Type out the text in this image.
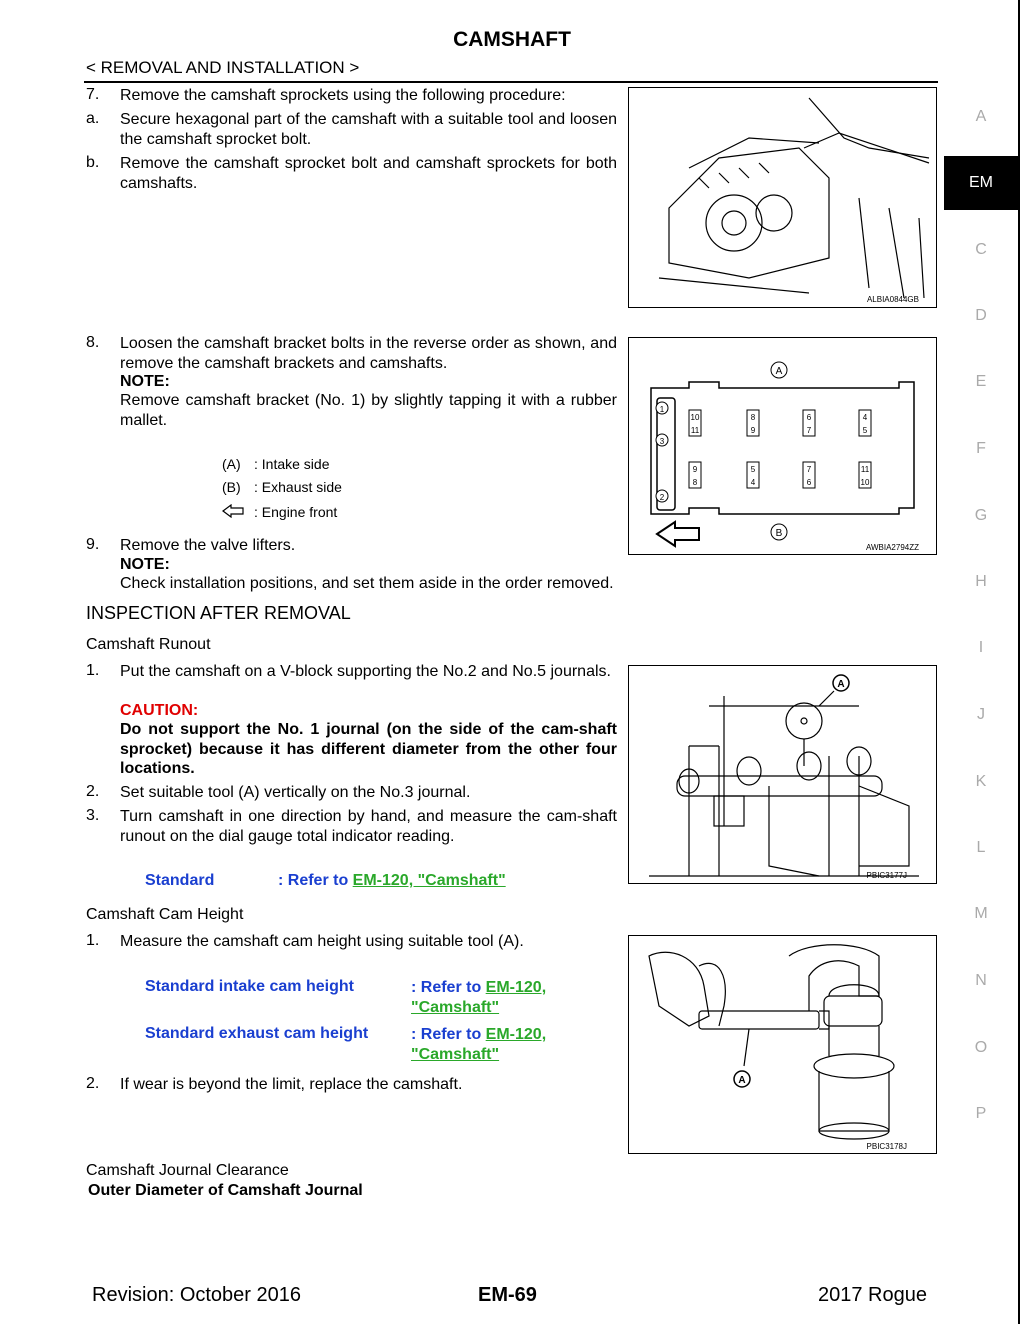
CAMSHAFT
< REMOVAL AND INSTALLATION >
7. Remove the camshaft sprockets using the following procedure:
a. Secure hexagonal part of the camshaft with a suitable tool and loosen the camshaft sprocket bolt.
b. Remove the camshaft sprocket bolt and camshaft sprockets for both camshafts.
ALBIA0844GB
8. Loosen the camshaft bracket bolts in the reverse order as shown, and remove the camshaft brackets and camshafts.
NOTE:
Remove camshaft bracket (No. 1) by slightly tapping it with a rubber mallet.
(A) : Intake side
(B) : Exhaust side
: Engine front
A
B
1
3
2
10
11
8
9
6
7
4
5
9
8
5
4
7
6
11
10
AWBIA2794ZZ
9. Remove the valve lifters.
NOTE:
Check installation positions, and set them aside in the order removed.
INSPECTION AFTER REMOVAL
Camshaft Runout
1. Put the camshaft on a V-block supporting the No.2 and No.5 journals.
CAUTION:
Do not support the No. 1 journal (on the side of the cam-shaft sprocket) because it has different diameter from the other four locations.
2. Set suitable tool (A) vertically on the No.3 journal.
3. Turn camshaft in one direction by hand, and measure the cam-shaft runout on the dial gauge total indicator reading.
Standard	: Refer to EM-120, "Camshaft"
A
PBIC3177J
Camshaft Cam Height
1. Measure the camshaft cam height using suitable tool (A).
Standard intake cam height	: Refer to EM-120,
"Camshaft"
Standard exhaust cam height	: Refer to EM-120,
"Camshaft"
2. If wear is beyond the limit, replace the camshaft.	A
PBIC3178J
Camshaft Journal Clearance
Outer Diameter of Camshaft Journal
A
EM
C
D
E
F
G
H
I
J
K
L
M
N
O
P
Revision: October 2016	EM-69	2017 Rogue
